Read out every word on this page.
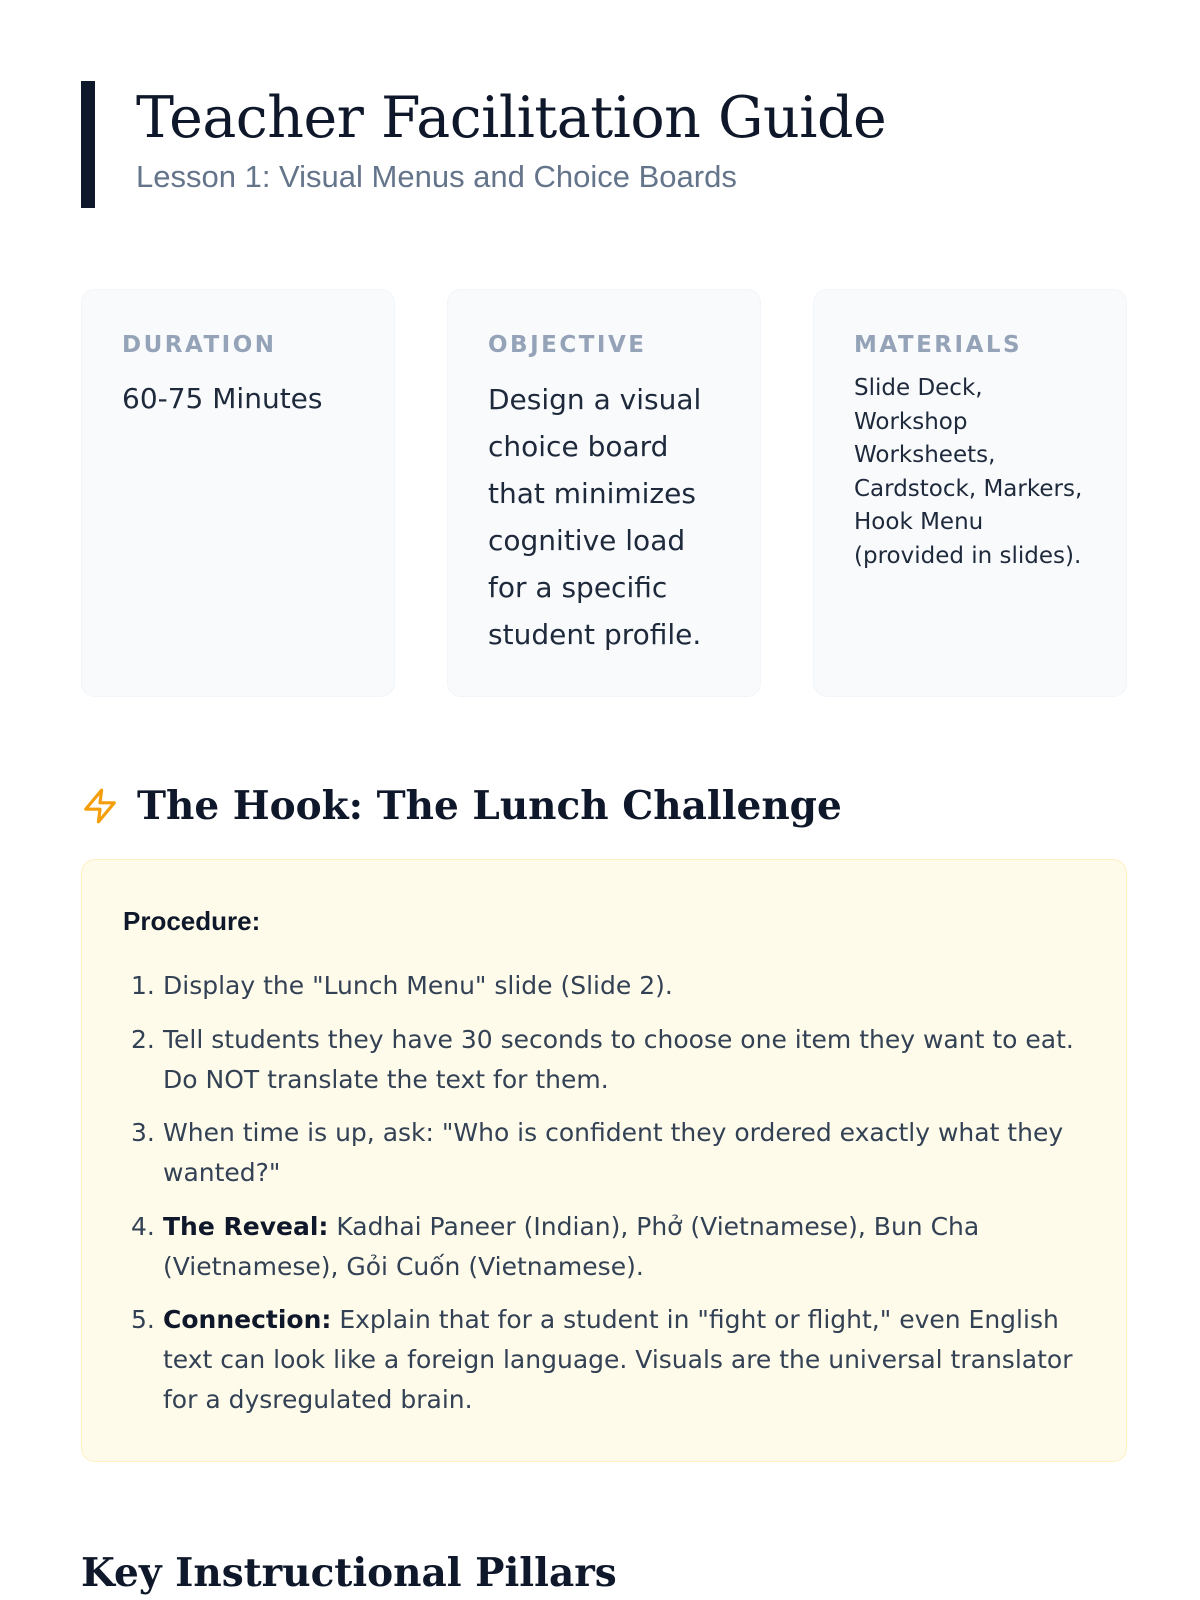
Teacher Facilitation Guide
Lesson 1: Visual Menus and Choice Boards
DURATION
60-75 Minutes
OBJECTIVE
Design a visual choice board that minimizes cognitive load for a specific student profile.
MATERIALS
Slide Deck, Workshop Worksheets, Cardstock, Markers, Hook Menu (provided in slides).
The Hook: The Lunch Challenge
Procedure:
1. Display the "Lunch Menu" slide (Slide 2).
2. Tell students they have 30 seconds to choose one item they want to eat. Do NOT translate the text for them.
3. When time is up, ask: "Who is confident they ordered exactly what they wanted?"
4. The Reveal: Kadhai Paneer (Indian), Phở (Vietnamese), Bun Cha (Vietnamese), Gỏi Cuốn (Vietnamese).
5. Connection: Explain that for a student in "fight or flight," even English text can look like a foreign language. Visuals are the universal translator for a dysregulated brain.
Key Instructional Pillars
